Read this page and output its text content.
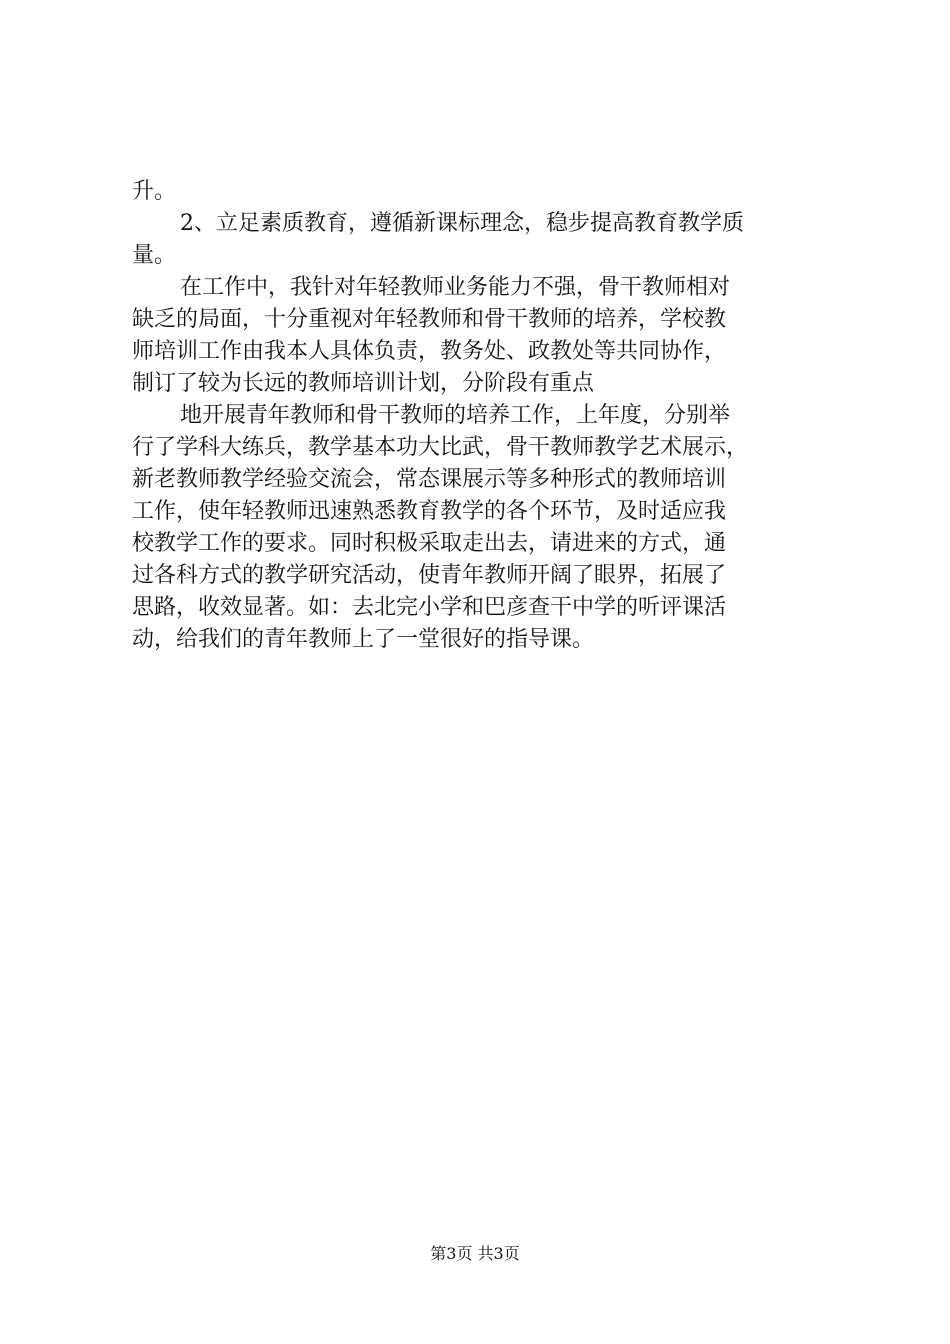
升。
2、立足素质教育，遵循新课标理念，稳步提高教育教学质
量。
在工作中，我针对年轻教师业务能力不强，骨干教师相对
缺乏的局面，十分重视对年轻教师和骨干教师的培养，学校教
师培训工作由我本人具体负责，教务处、政教处等共同协作，
制订了较为长远的教师培训计划，分阶段有重点
地开展青年教师和骨干教师的培养工作，上年度，分别举
行了学科大练兵，教学基本功大比武，骨干教师教学艺术展示，
新老教师教学经验交流会，常态课展示等多种形式的教师培训
工作，使年轻教师迅速熟悉教育教学的各个环节，及时适应我
校教学工作的要求。同时积极采取走出去，请进来的方式，通
过各科方式的教学研究活动，使青年教师开阔了眼界，拓展了
思路，收效显著。如：去北完小学和巴彦查干中学的听评课活
动，给我们的青年教师上了一堂很好的指导课。
第3页 共3页
